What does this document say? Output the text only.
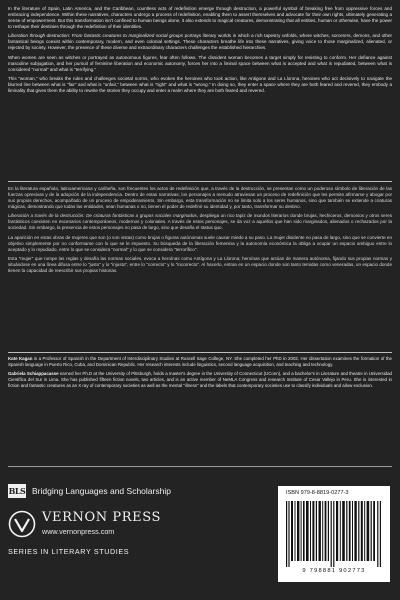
In the literature of Spain, Latin America, and the Caribbean, countless acts of redefinition emerge through destruction, a powerful symbol of breaking free from oppressive forces and embracing independence. Within these narratives, characters undergo a process of redefinition, enabling them to assert themselves and advocate for their own rights, ultimately generating a sense of empowerment. But this transformation isn't confined to human beings alone, it also extends to magical creatures, demonstrating that all entities, human or otherwise, have the power to reshape their destinies through the redefinition of their identities.

Liberation through destruction: From fantastic creatures to marginalized social groups portrays literary worlds in which a rich tapestry unfolds, where witches, sorcerers, demons, and other fantastical beings coexist within contemporary, modern, and even colonial settings. These characters breathe life into these narratives, giving voice to those marginalized, alienated, or rejected by society. However, the presence of these diverse and extraordinary characters challenges the established hierarchies.

When women are seen as witches or portrayed as autonomous figures, fear often follows. The dissident woman becomes a target simply for resisting to conform. Her defiance against masculine subjugation, and her pursuit of feminine liberation and economic autonomy, forces her into a liminal space between what is accepted and what is repudiated, between what is considered "normal" and what is "terrifying."

This "woman," who breaks the rules and challenges societal norms, who evokes the heroines who took action, like Antigone and La Llorona, heroines who act decisively to navigate the blurred line between what is "fair" and what is "unfair," between what is "right" and what is "wrong." In doing so, they enter a space where they are both feared and revered, they embody a liminality that gives them the ability to rewrite the stories they occupy and enter a realm where they are both feared and revered.

En la literatura española, latinoamericana y caribeña, son frecuentes los actos de redefinición que, a través de la destrucción, se presentan como un poderoso símbolo de liberación de las fuerzas opresivas y de la adopción de la independencia. Dentro de estas narrativas, los personajes a menudo atraviesan un proceso de redefinición que les permite afirmarse y abogar por sus propios derechos, acompañado de un proceso de empoderamiento. Sin embargo, esta transformación no se limita solo a los seres humanos, sino que también se extiende a criaturas mágicas, demostrando que todas las entidades, sean humanas o no, tienen el poder de redefinir su identidad y, por tanto, transformar su destino.

Liberación a través de la destrucción: De criaturas fantásticas a grupos sociales marginados, despliega un rico tapiz de mundos literarios donde brujas, hechiceros, demonios y otros seres fantásticos coexisten en escenarios contemporáneos, modernos y coloniales. A través de estos personajes, se da voz a aquellos que han sido marginados, alienados o rechazados por la sociedad. Sin embargo, la presencia de estos personajes no pasa de largo, sino que desafía el status quo.

La aparición en estas obras de mujeres que son (o son vistas) como brujas o figuras autónomas suele causar miedo a su paso. La mujer disidente no pasa de largo, sino que se convierte en objetivo simplemente por no conformarse con lo que se le impuesto. Su búsqueda de la liberación femenina y la autonomía económica la obliga a ocupar un espacio ambiguo entre lo aceptado y lo repudiado, entre lo que se considera "normal" y lo que se considera "terrorífico".

Esta "mujer" que rompe las reglas y desafía las normas sociales, evoca a heroínas como Antígona y La Llorona; heroínas que actúan de manera autónoma, fijando sus propias normas y situándose en una línea difusa entre lo "justo" y lo "injusto", entre lo "correcto" y lo "incorrecto". Al hacerlo, entran en un espacio donde son tanto temidas como veneradas, un espacio donde tienen la capacidad de reescribir sus propias historias.

Kate Kagan is a Professor of Spanish in the Department of Interdisciplinary Studies at Russell Sage College, NY. She completed her PhD in 2002. Her dissertation examines the formation of the Spanish language in Puerto Rico, Cuba, and Dominican Republic. Her research interests include linguistics, second language acquisition, and teaching and technology.

Gabriela Schiappacasse earned her Ph.D at the University of Pittsburgh, holds a master's degree in the University of Connecticut (UConn), and a bachelor's in Literature and theatre in Universidad Científica del Sur in Lima. She has published fifteen fiction novels, two articles, and is an active member of NeMLA Congress and research Institute of Cesar Vallejo in Peru. She is interested in fiction and fantastic creatures as an X ray of contemporary societies as well as the mental "illness" and the labels that contemporary societies use to classify individuals and allow exclusion.

BLS Bridging Languages and Scholarship
VERNON PRESS
www.vernonpress.com
SERIES IN LITERARY STUDIES
ISBN 979-8-8819-0277-3
9 798881 902773
